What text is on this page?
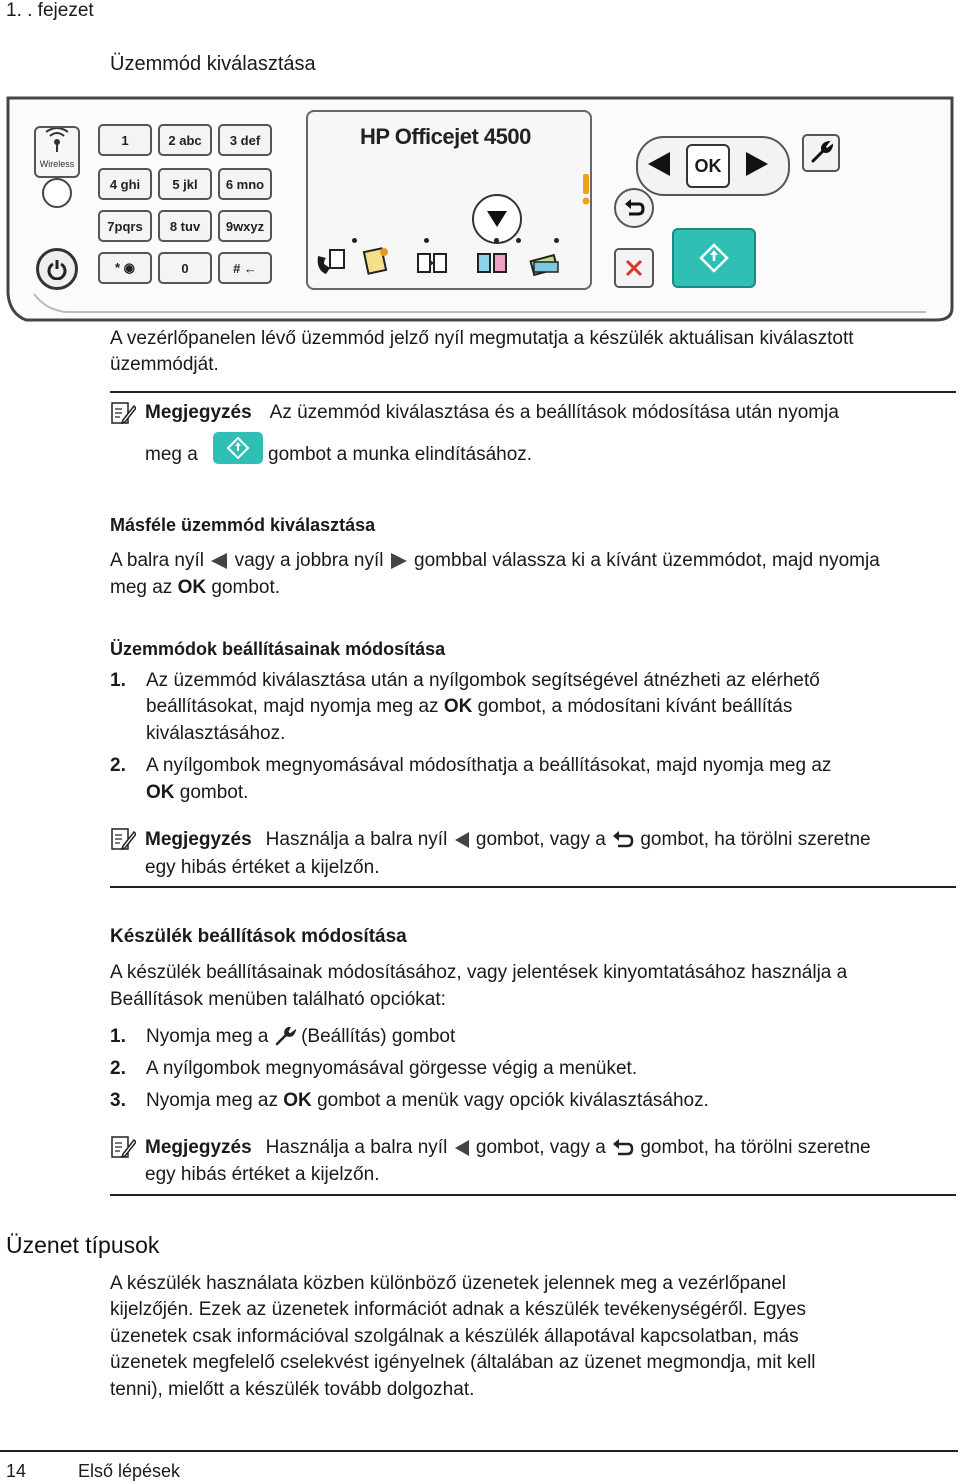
1. . fejezet
Üzemmód kiválasztása
Wireless
1	2 abc	3 def
4 ghi	5 jkl	6 mno
7pqrs	8 tuv	9wxyz
* ◉	0	# ←
HP Officejet 4500
OK
A vezérlőpanelen lévő üzemmód jelző nyíl megmutatja a készülék aktuálisan kiválasztott
üzemmódját.
Megjegyzés Az üzemmód kiválasztása és a beállítások módosítása után nyomja
meg a	gombot a munka elindításához.
Másféle üzemmód kiválasztása
A balra nyíl vagy a jobbra nyíl gombbal válassza ki a kívánt üzemmódot, majd nyomja
meg az OK gombot.
Üzemmódok beállításainak módosítása
1. Az üzemmód kiválasztása után a nyílgombok segítségével átnézheti az elérhető
beállításokat, majd nyomja meg az OK gombot, a módosítani kívánt beállítás
kiválasztásához.
2. A nyílgombok megnyomásával módosíthatja a beállításokat, majd nyomja meg az
OK gombot.
Megjegyzés Használja a balra nyíl gombot, vagy a gombot, ha törölni szeretne
egy hibás értéket a kijelzőn.
Készülék beállítások módosítása
A készülék beállításainak módosításához, vagy jelentések kinyomtatásához használja a
Beállítások menüben található opciókat:
1. Nyomja meg a (Beállítás) gombot
2. A nyílgombok megnyomásával görgesse végig a menüket.
3. Nyomja meg az OK gombot a menük vagy opciók kiválasztásához.
Megjegyzés Használja a balra nyíl gombot, vagy a gombot, ha törölni szeretne
egy hibás értéket a kijelzőn.
Üzenet típusok
A készülék használata közben különböző üzenetek jelennek meg a vezérlőpanel
kijelzőjén. Ezek az üzenetek információt adnak a készülék tevékenységéről. Egyes
üzenetek csak információval szolgálnak a készülék állapotával kapcsolatban, más
üzenetek megfelelő cselekvést igényelnek (általában az üzenet megmondja, mit kell
tenni), mielőtt a készülék tovább dolgozhat.
14	Első lépések
